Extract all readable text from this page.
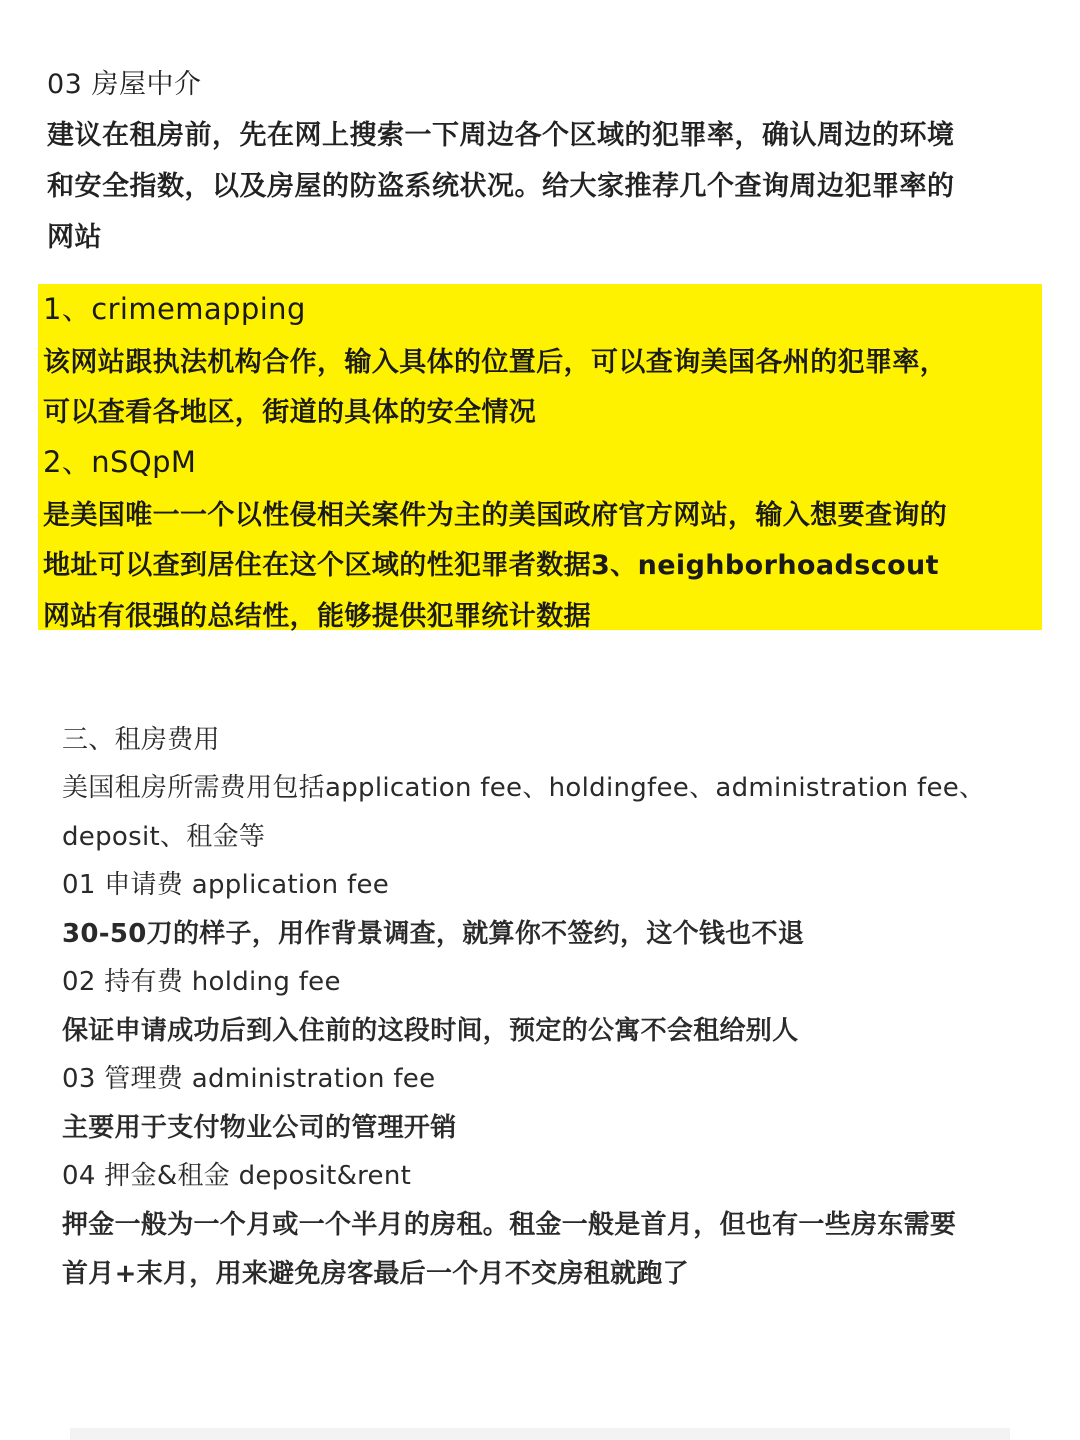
03 房屋中介

建议在租房前，先在网上搜索一下周边各个区域的犯罪率，确认周边的环境

和安全指数，以及房屋的防盗系统状况。给大家推荐几个查询周边犯罪率的

网站

1、crimemapping

该网站跟执法机构合作，输入具体的位置后，可以查询美国各州的犯罪率，

可以查看各地区，街道的具体的安全情况

2、nSQpM

是美国唯一一个以性侵相关案件为主的美国政府官方网站，输入想要查询的

地址可以查到居住在这个区域的性犯罪者数据3、neighborhoadscout

网站有很强的总结性，能够提供犯罪统计数据

三、租房费用

美国租房所需费用包括application fee、holdingfee、administration fee、

deposit、租金等

01 申请费 application fee

30-50刀的样子，用作背景调查，就算你不签约，这个钱也不退

02 持有费 holding fee

保证申请成功后到入住前的这段时间，预定的公寓不会租给别人

03 管理费 administration fee

主要用于支付物业公司的管理开销

04 押金&租金 deposit&rent

押金一般为一个月或一个半月的房租。租金一般是首月，但也有一些房东需要

首月+末月，用来避免房客最后一个月不交房租就跑了
